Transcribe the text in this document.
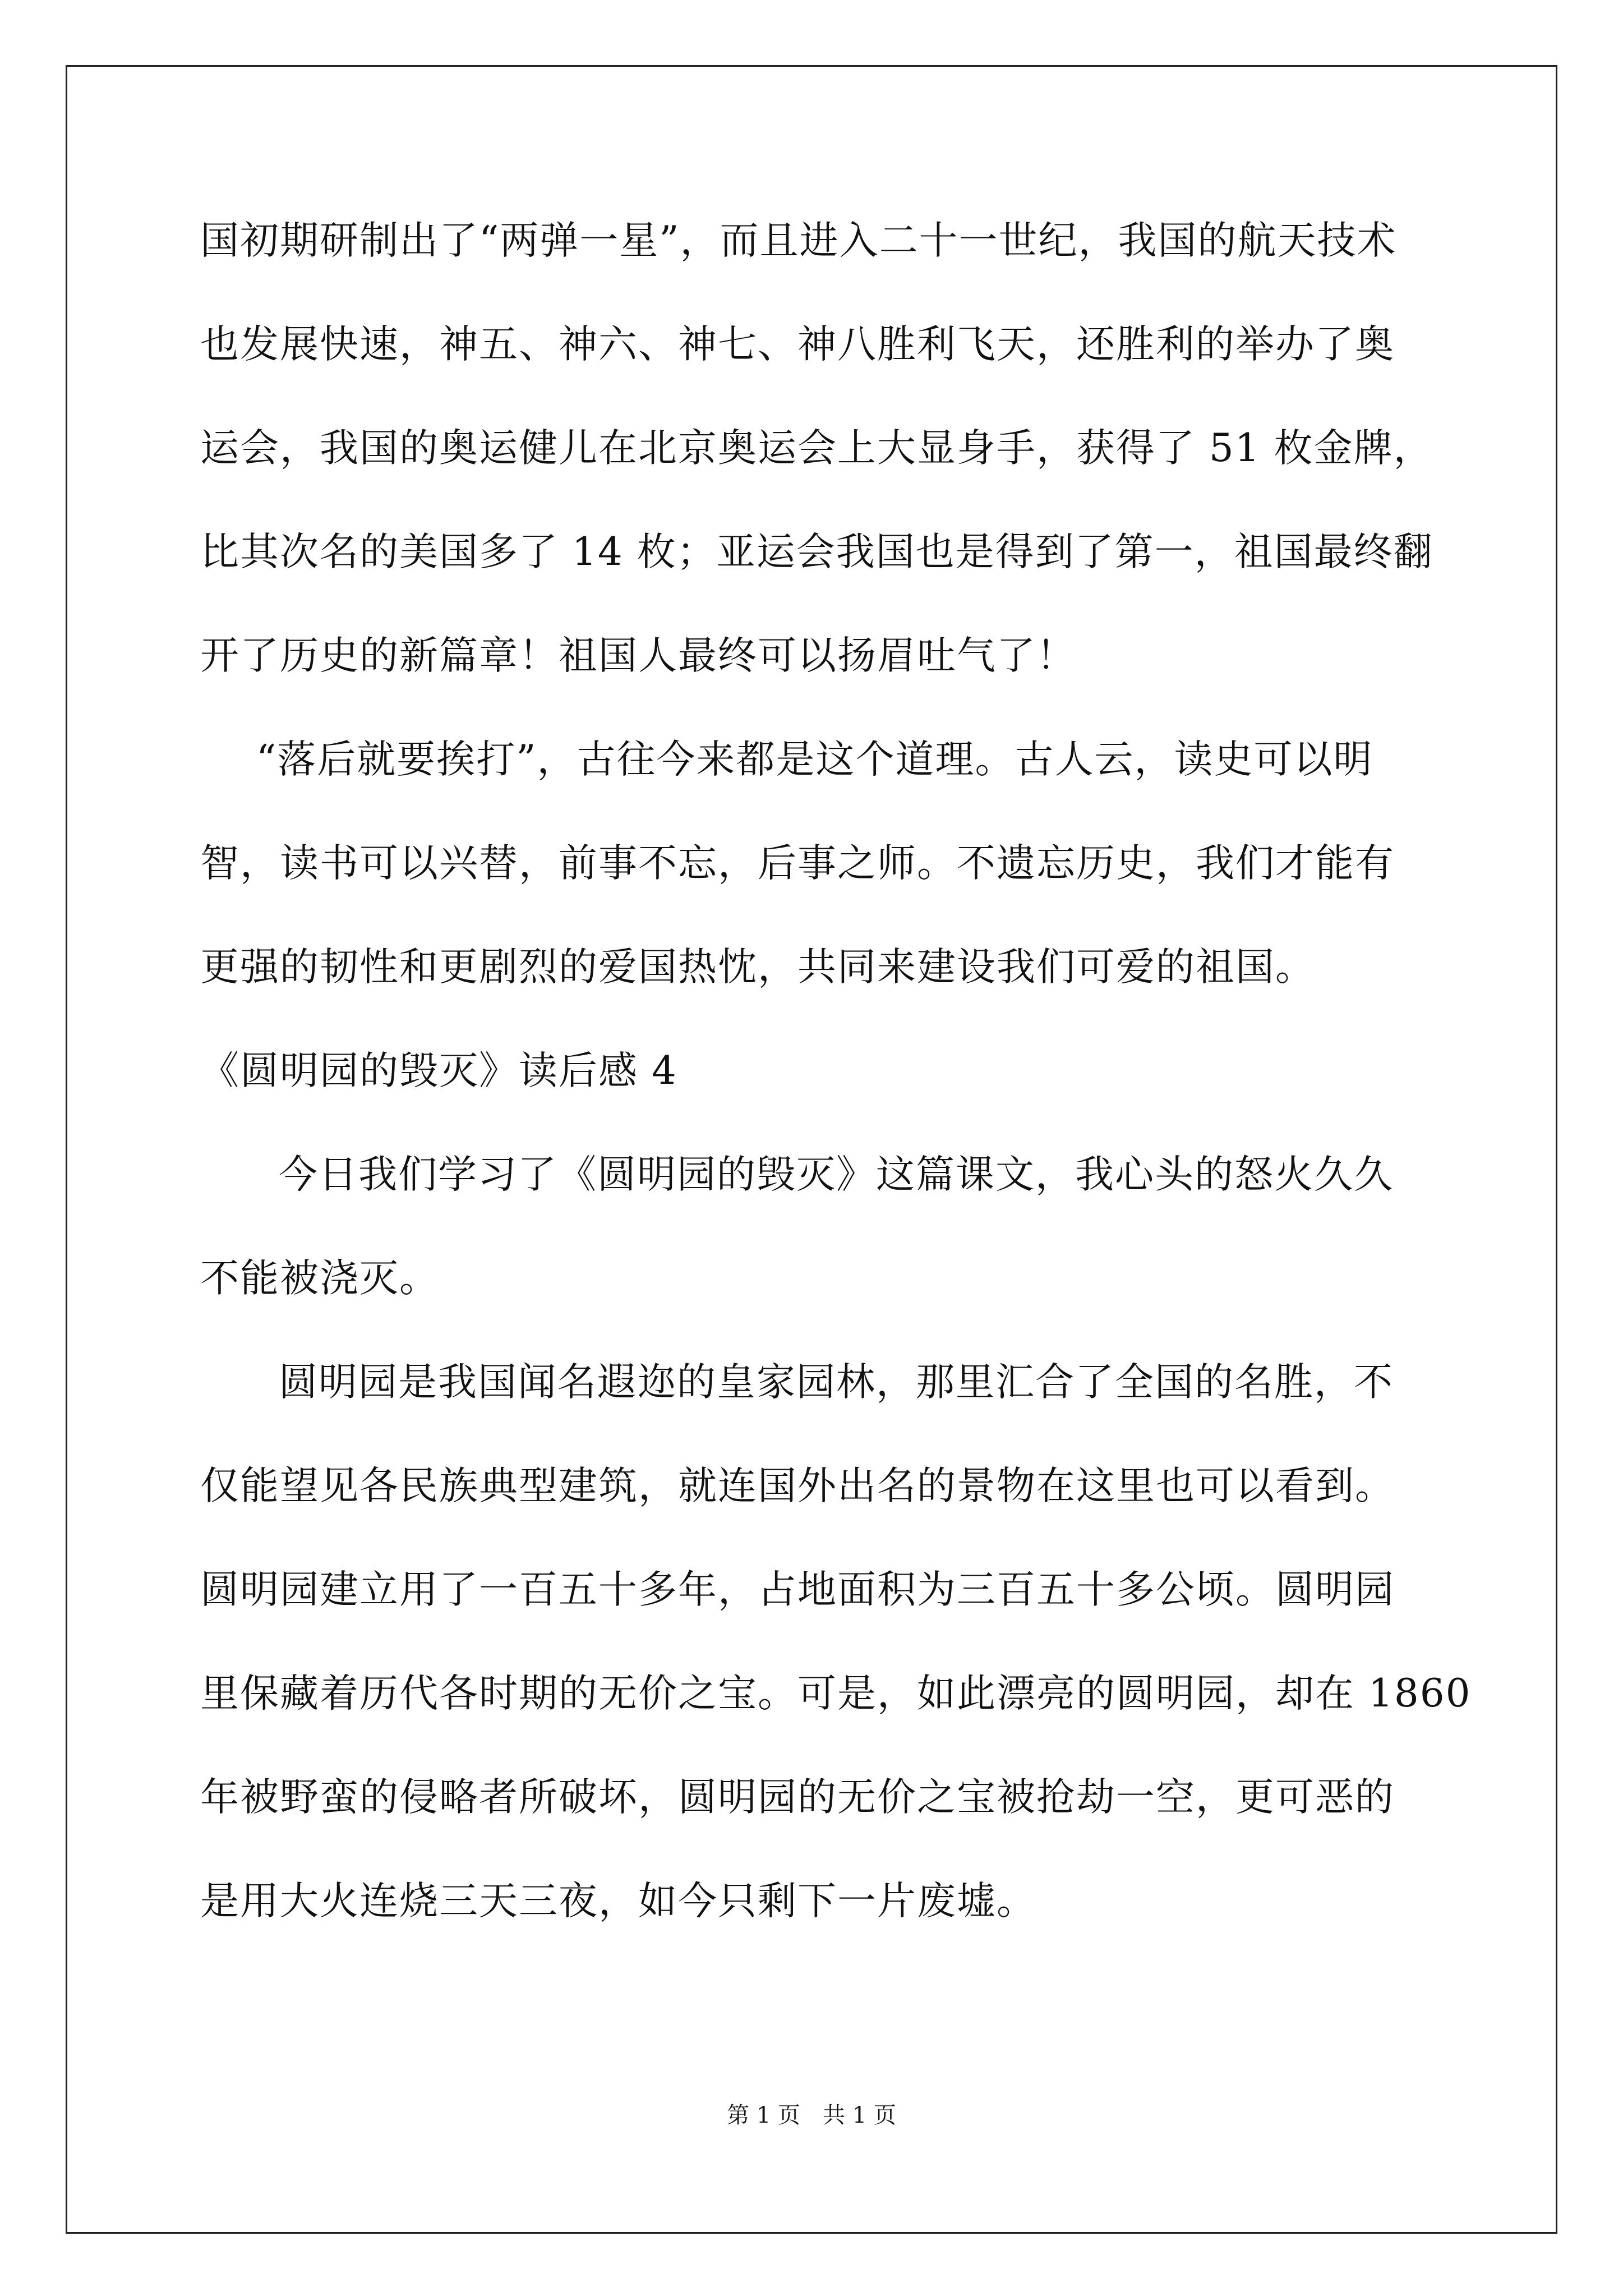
国初期研制出了“两弹一星”，而且进入二十一世纪，我国的航天技术
也发展快速，神五、神六、神七、神八胜利飞天，还胜利的举办了奥
运会，我国的奥运健儿在北京奥运会上大显身手，获得了 51 枚金牌，
比其次名的美国多了 14 枚；亚运会我国也是得到了第一，祖国最终翻
开了历史的新篇章！祖国人最终可以扬眉吐气了！
“落后就要挨打”，古往今来都是这个道理。古人云，读史可以明
智，读书可以兴替，前事不忘，后事之师。不遗忘历史，我们才能有
更强的韧性和更剧烈的爱国热忱，共同来建设我们可爱的祖国。
《圆明园的毁灭》读后感 4
今日我们学习了《圆明园的毁灭》这篇课文，我心头的怒火久久
不能被浇灭。
圆明园是我国闻名遐迩的皇家园林，那里汇合了全国的名胜，不
仅能望见各民族典型建筑，就连国外出名的景物在这里也可以看到。
圆明园建立用了一百五十多年，占地面积为三百五十多公顷。圆明园
里保藏着历代各时期的无价之宝。可是，如此漂亮的圆明园，却在 1860
年被野蛮的侵略者所破坏，圆明园的无价之宝被抢劫一空，更可恶的
是用大火连烧三天三夜，如今只剩下一片废墟。
第 1 页　共 1 页
